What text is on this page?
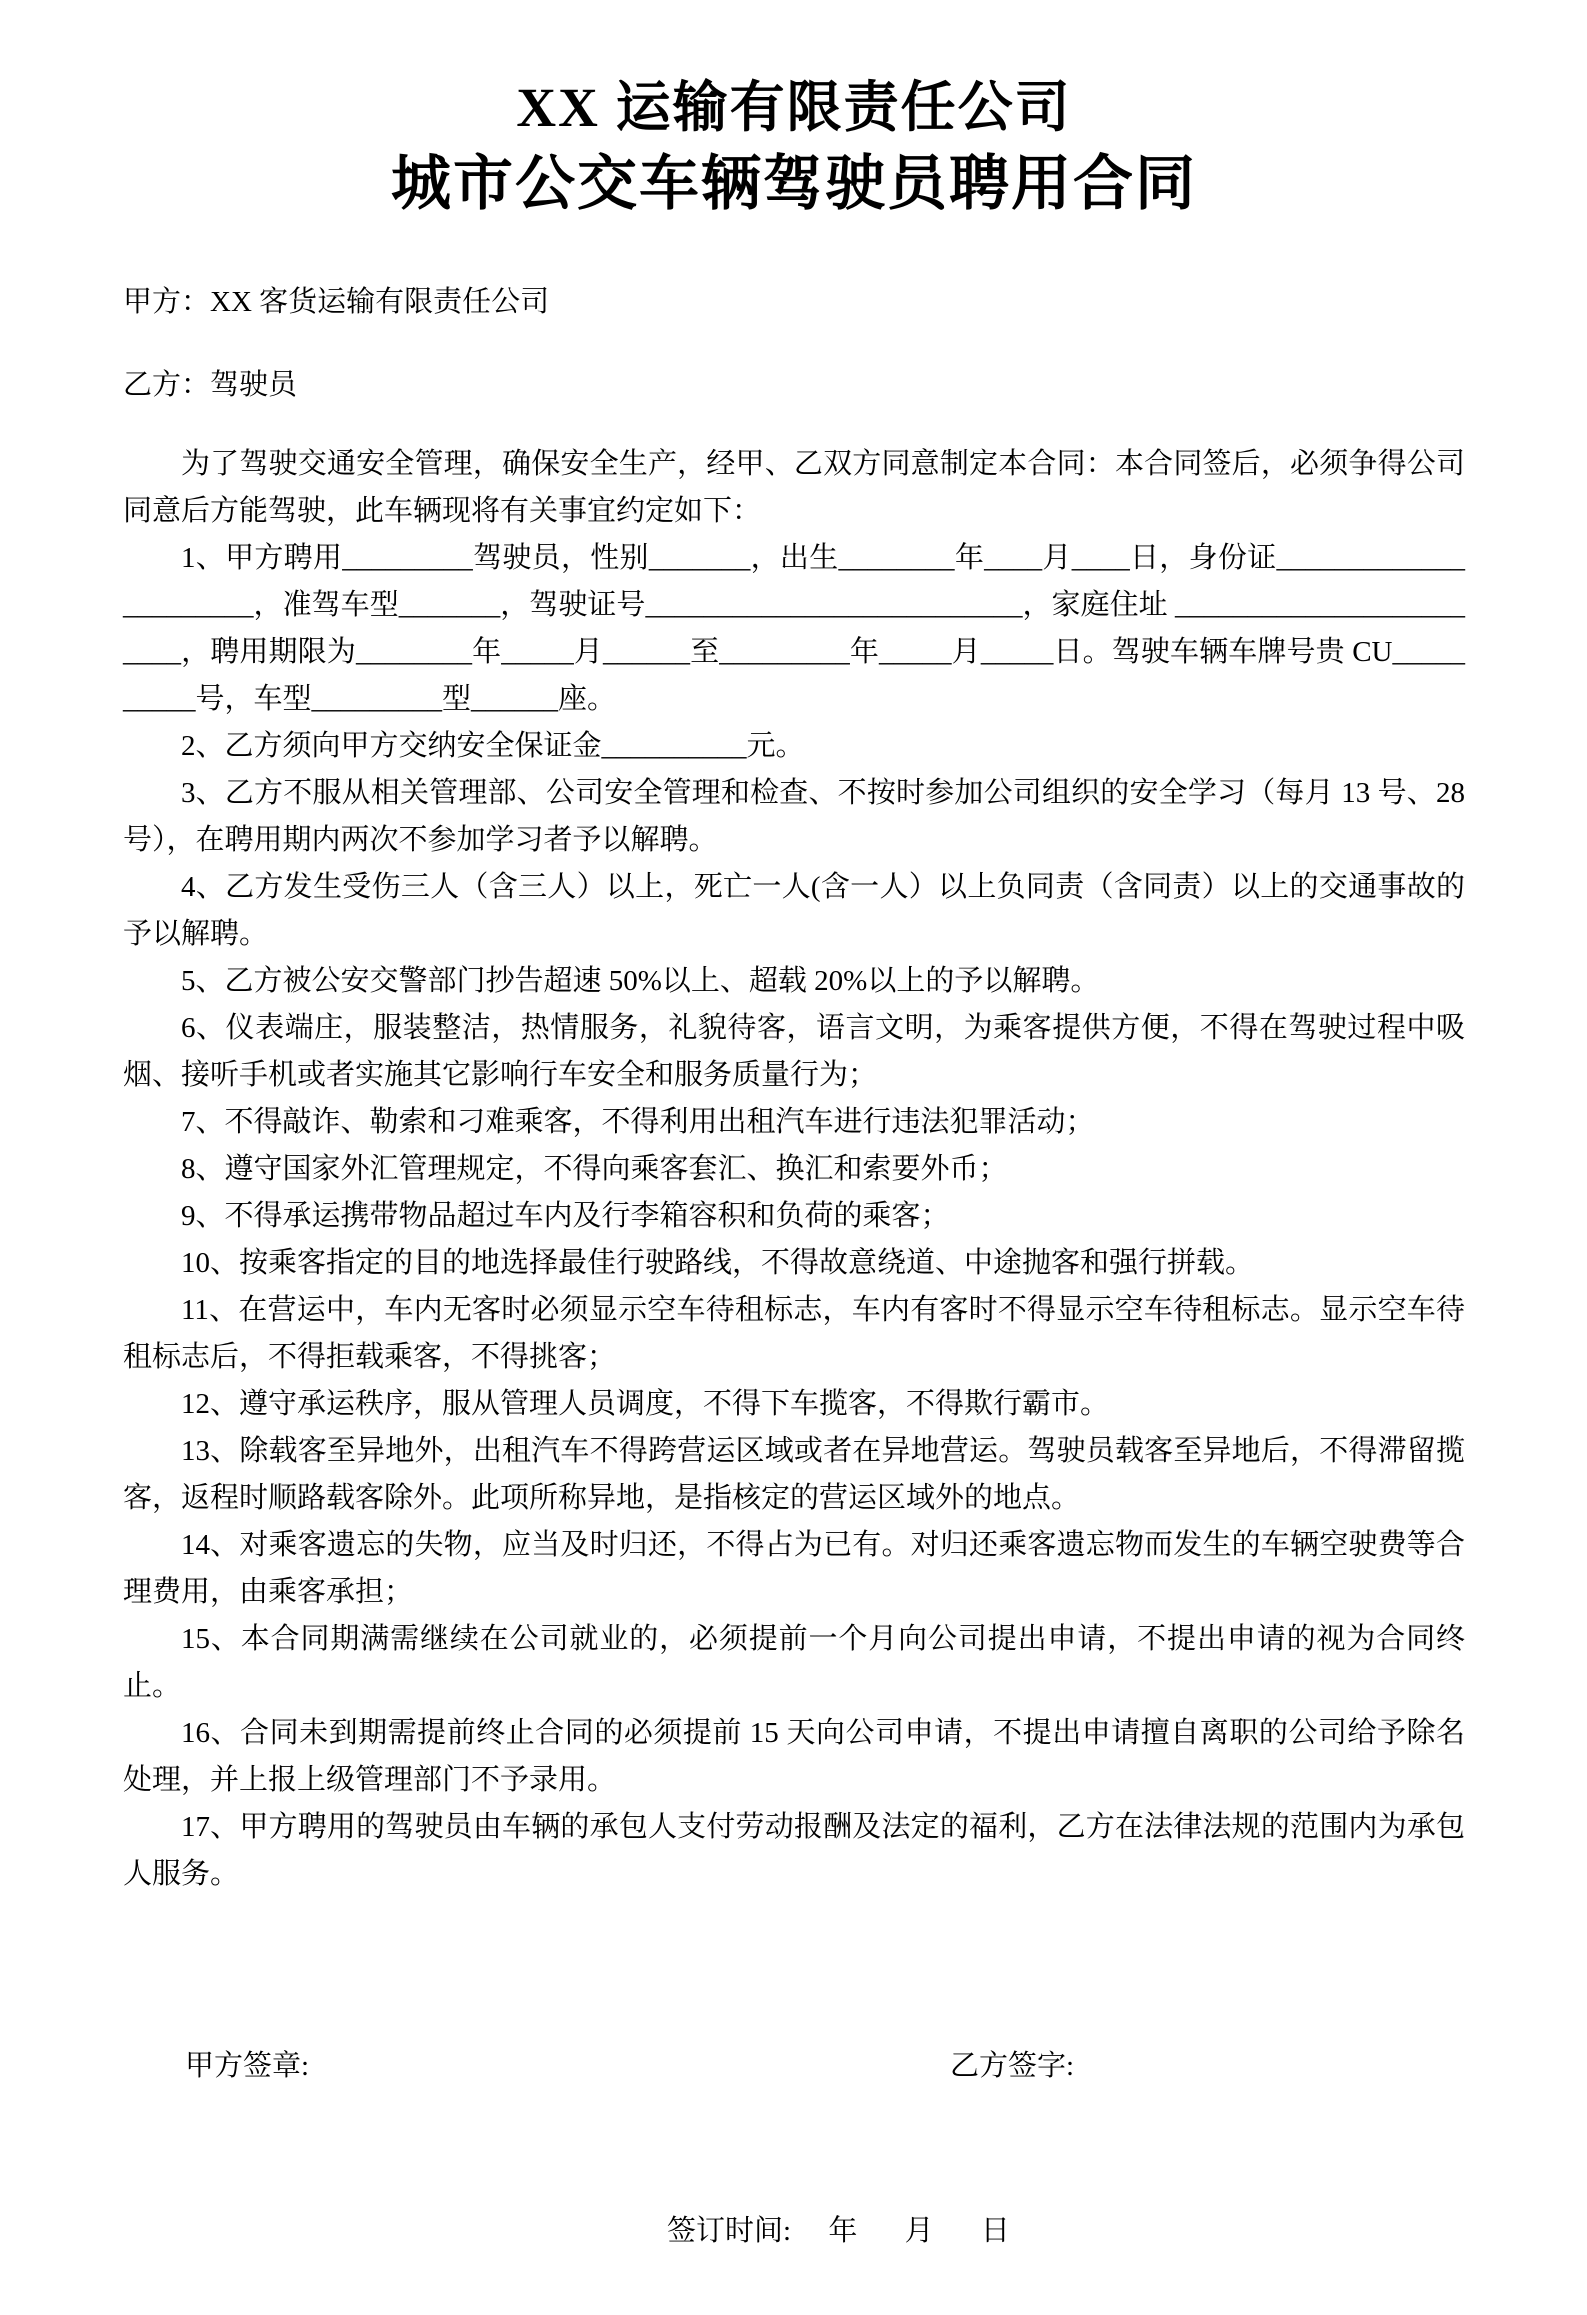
XX 运输有限责任公司
城市公交车辆驾驶员聘用合同

甲方：XX 客货运输有限责任公司

乙方：驾驶员

为了驾驶交通安全管理，确保安全生产，经甲、乙双方同意制定本合同：本合同签后，必须争得公司同意后方能驾驶，此车辆现将有关事宜约定如下：

1、甲方聘用_________驾驶员，性别_______，出生________年____月____日，身份证______________________，准驾车型_______，驾驶证号__________________________，家庭住址 ________________________，聘用期限为________年_____月______至_________年_____月_____日。驾驶车辆车牌号贵 CU__________号，车型_________型______座。

2、乙方须向甲方交纳安全保证金__________元。

3、乙方不服从相关管理部、公司安全管理和检查、不按时参加公司组织的安全学习（每月 13 号、28 号），在聘用期内两次不参加学习者予以解聘。

4、乙方发生受伤三人（含三人）以上，死亡一人(含一人）以上负同责（含同责）以上的交通事故的予以解聘。

5、乙方被公安交警部门抄告超速 50%以上、超载 20%以上的予以解聘。

6、仪表端庄，服装整洁，热情服务，礼貌待客，语言文明，为乘客提供方便，不得在驾驶过程中吸烟、接听手机或者实施其它影响行车安全和服务质量行为；

7、不得敲诈、勒索和刁难乘客，不得利用出租汽车进行违法犯罪活动；

8、遵守国家外汇管理规定，不得向乘客套汇、换汇和索要外币；

9、不得承运携带物品超过车内及行李箱容积和负荷的乘客；

10、按乘客指定的目的地选择最佳行驶路线，不得故意绕道、中途抛客和强行拼载。

11、在营运中，车内无客时必须显示空车待租标志，车内有客时不得显示空车待租标志。显示空车待租标志后，不得拒载乘客，不得挑客；

12、遵守承运秩序，服从管理人员调度，不得下车揽客，不得欺行霸市。

13、除载客至异地外，出租汽车不得跨营运区域或者在异地营运。驾驶员载客至异地后，不得滞留揽客，返程时顺路载客除外。此项所称异地，是指核定的营运区域外的地点。

14、对乘客遗忘的失物，应当及时归还，不得占为已有。对归还乘客遗忘物而发生的车辆空驶费等合理费用，由乘客承担；

15、本合同期满需继续在公司就业的，必须提前一个月向公司提出申请，不提出申请的视为合同终止。

16、合同未到期需提前终止合同的必须提前 15 天向公司申请，不提出申请擅自离职的公司给予除名处理，并上报上级管理部门不予录用。

17、甲方聘用的驾驶员由车辆的承包人支付劳动报酬及法定的福利，乙方在法律法规的范围内为承包人服务。

甲方签章:	乙方签字:
签订时间: 年 月 日
